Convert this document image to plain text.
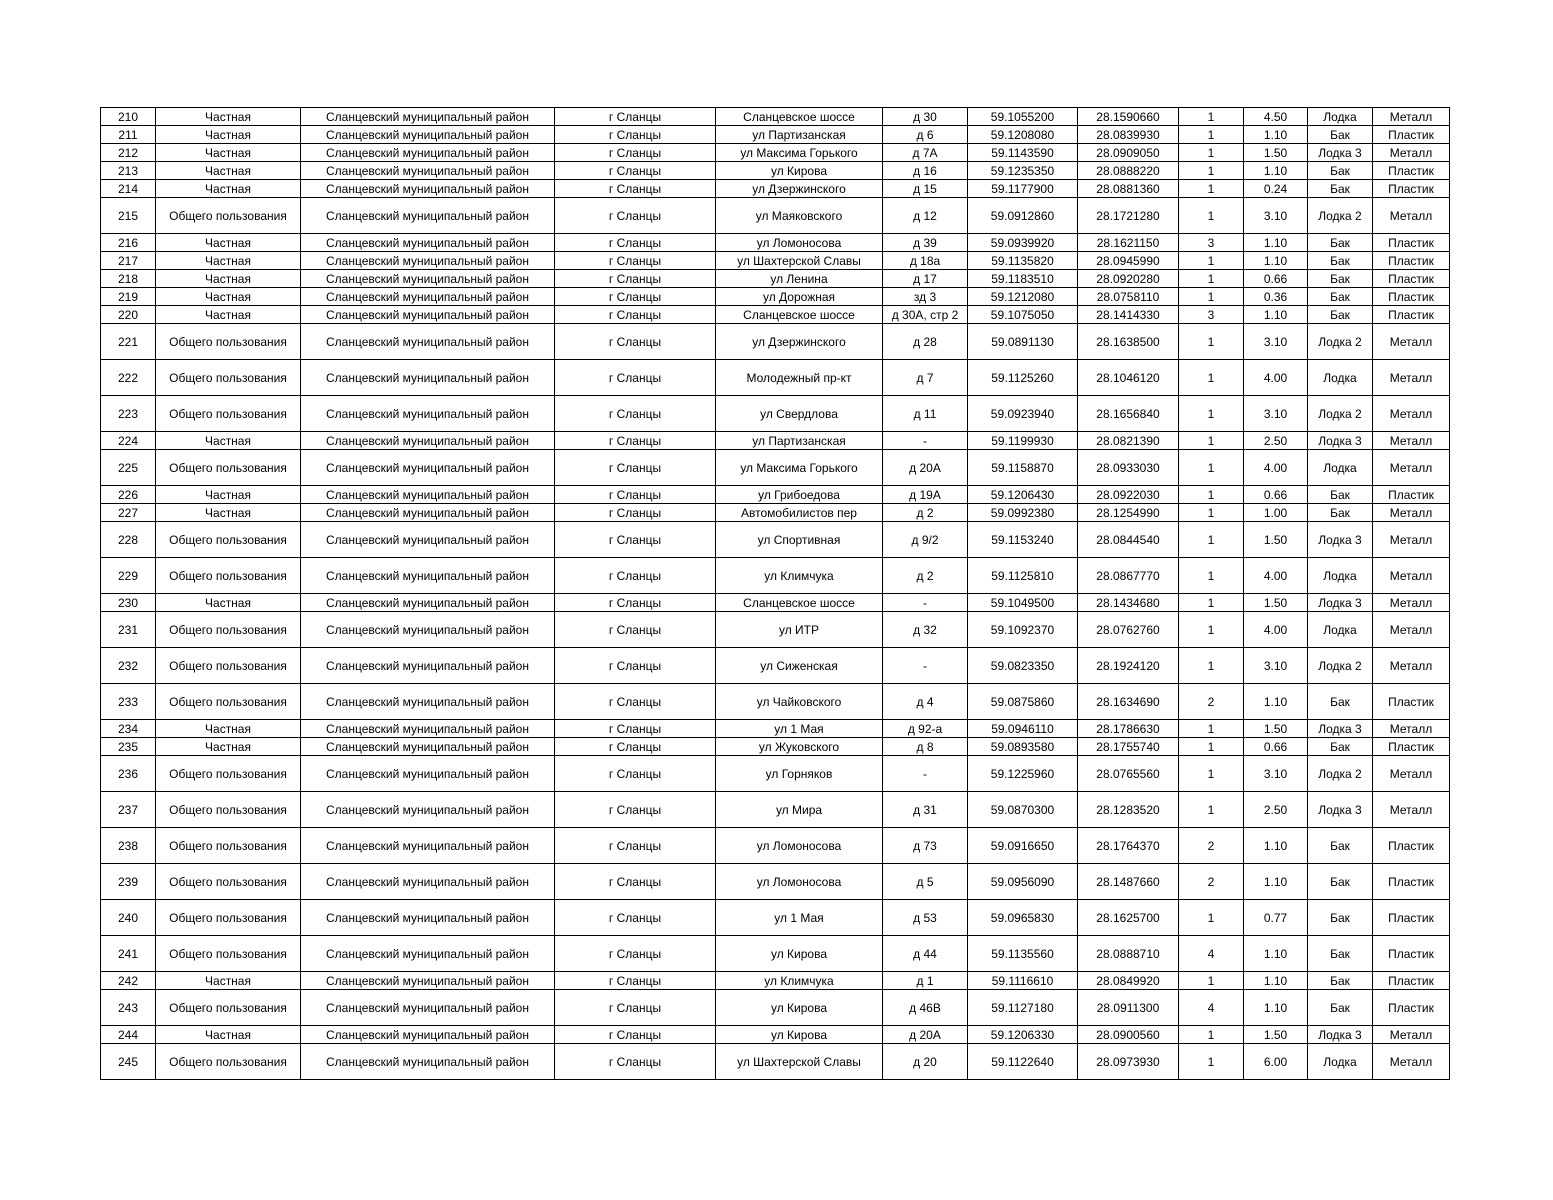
210	Частная	Сланцевский муниципальный район	г Сланцы	Сланцевское шоссе	д 30	59.1055200	28.1590660	1	4.50	Лодка	Металл
211	Частная	Сланцевский муниципальный район	г Сланцы	ул Партизанская	д 6	59.1208080	28.0839930	1	1.10	Бак	Пластик
212	Частная	Сланцевский муниципальный район	г Сланцы	ул Максима Горького	д 7А	59.1143590	28.0909050	1	1.50	Лодка 3	Металл
213	Частная	Сланцевский муниципальный район	г Сланцы	ул Кирова	д 16	59.1235350	28.0888220	1	1.10	Бак	Пластик
214	Частная	Сланцевский муниципальный район	г Сланцы	ул Дзержинского	д 15	59.1177900	28.0881360	1	0.24	Бак	Пластик
215	Общего пользования	Сланцевский муниципальный район	г Сланцы	ул Маяковского	д 12	59.0912860	28.1721280	1	3.10	Лодка 2	Металл
216	Частная	Сланцевский муниципальный район	г Сланцы	ул Ломоносова	д 39	59.0939920	28.1621150	3	1.10	Бак	Пластик
217	Частная	Сланцевский муниципальный район	г Сланцы	ул Шахтерской Славы	д 18а	59.1135820	28.0945990	1	1.10	Бак	Пластик
218	Частная	Сланцевский муниципальный район	г Сланцы	ул Ленина	д 17	59.1183510	28.0920280	1	0.66	Бак	Пластик
219	Частная	Сланцевский муниципальный район	г Сланцы	ул Дорожная	зд 3	59.1212080	28.0758110	1	0.36	Бак	Пластик
220	Частная	Сланцевский муниципальный район	г Сланцы	Сланцевское шоссе	д 30А, стр 2	59.1075050	28.1414330	3	1.10	Бак	Пластик
221	Общего пользования	Сланцевский муниципальный район	г Сланцы	ул Дзержинского	д 28	59.0891130	28.1638500	1	3.10	Лодка 2	Металл
222	Общего пользования	Сланцевский муниципальный район	г Сланцы	Молодежный пр-кт	д 7	59.1125260	28.1046120	1	4.00	Лодка	Металл
223	Общего пользования	Сланцевский муниципальный район	г Сланцы	ул Свердлова	д 11	59.0923940	28.1656840	1	3.10	Лодка 2	Металл
224	Частная	Сланцевский муниципальный район	г Сланцы	ул Партизанская	-	59.1199930	28.0821390	1	2.50	Лодка 3	Металл
225	Общего пользования	Сланцевский муниципальный район	г Сланцы	ул Максима Горького	д 20А	59.1158870	28.0933030	1	4.00	Лодка	Металл
226	Частная	Сланцевский муниципальный район	г Сланцы	ул Грибоедова	д 19А	59.1206430	28.0922030	1	0.66	Бак	Пластик
227	Частная	Сланцевский муниципальный район	г Сланцы	Автомобилистов пер	д 2	59.0992380	28.1254990	1	1.00	Бак	Металл
228	Общего пользования	Сланцевский муниципальный район	г Сланцы	ул Спортивная	д 9/2	59.1153240	28.0844540	1	1.50	Лодка 3	Металл
229	Общего пользования	Сланцевский муниципальный район	г Сланцы	ул Климчука	д 2	59.1125810	28.0867770	1	4.00	Лодка	Металл
230	Частная	Сланцевский муниципальный район	г Сланцы	Сланцевское шоссе	-	59.1049500	28.1434680	1	1.50	Лодка 3	Металл
231	Общего пользования	Сланцевский муниципальный район	г Сланцы	ул ИТР	д 32	59.1092370	28.0762760	1	4.00	Лодка	Металл
232	Общего пользования	Сланцевский муниципальный район	г Сланцы	ул Сиженская	-	59.0823350	28.1924120	1	3.10	Лодка 2	Металл
233	Общего пользования	Сланцевский муниципальный район	г Сланцы	ул Чайковского	д 4	59.0875860	28.1634690	2	1.10	Бак	Пластик
234	Частная	Сланцевский муниципальный район	г Сланцы	ул 1 Мая	д 92-а	59.0946110	28.1786630	1	1.50	Лодка 3	Металл
235	Частная	Сланцевский муниципальный район	г Сланцы	ул Жуковского	д 8	59.0893580	28.1755740	1	0.66	Бак	Пластик
236	Общего пользования	Сланцевский муниципальный район	г Сланцы	ул Горняков	-	59.1225960	28.0765560	1	3.10	Лодка 2	Металл
237	Общего пользования	Сланцевский муниципальный район	г Сланцы	ул Мира	д 31	59.0870300	28.1283520	1	2.50	Лодка 3	Металл
238	Общего пользования	Сланцевский муниципальный район	г Сланцы	ул Ломоносова	д 73	59.0916650	28.1764370	2	1.10	Бак	Пластик
239	Общего пользования	Сланцевский муниципальный район	г Сланцы	ул Ломоносова	д 5	59.0956090	28.1487660	2	1.10	Бак	Пластик
240	Общего пользования	Сланцевский муниципальный район	г Сланцы	ул 1 Мая	д 53	59.0965830	28.1625700	1	0.77	Бак	Пластик
241	Общего пользования	Сланцевский муниципальный район	г Сланцы	ул Кирова	д 44	59.1135560	28.0888710	4	1.10	Бак	Пластик
242	Частная	Сланцевский муниципальный район	г Сланцы	ул Климчука	д 1	59.1116610	28.0849920	1	1.10	Бак	Пластик
243	Общего пользования	Сланцевский муниципальный район	г Сланцы	ул Кирова	д 46В	59.1127180	28.0911300	4	1.10	Бак	Пластик
244	Частная	Сланцевский муниципальный район	г Сланцы	ул Кирова	д 20А	59.1206330	28.0900560	1	1.50	Лодка 3	Металл
245	Общего пользования	Сланцевский муниципальный район	г Сланцы	ул Шахтерской Славы	д 20	59.1122640	28.0973930	1	6.00	Лодка	Металл
